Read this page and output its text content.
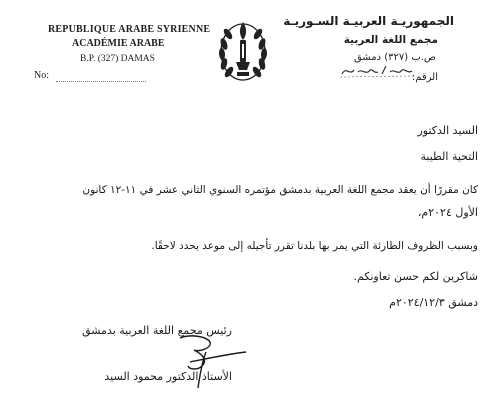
REPUBLIQUE ARABE SYRIENNE
ACADÉMIE ARABE
B.P. (327) DAMAS
No:
الجمهوريـة العربيـة السـوريـة
مجمع اللغة العربية
ص.ب (٣٢٧) دمشق
الرقم:
السيد الدكتور
التحية الطيبة
كان مقررًا أن يعقد مجمع اللغة العربية بدمشق مؤتمره السنوي الثاني عشر في ١١-١٢ كانون
الأول ٢٠٢٤م،
وبسبب الظروف الطارئة التي يمر بها بلدنا تقرر تأجيله إلى موعد يحدد لاحقًا.
شاكرين لكم حسن تعاونكم.
دمشق ٢٠٢٤/١٢/٣م
رئيس مجمع اللغة العربية بدمشق
الأستاذ الدكتور محمود السيد
